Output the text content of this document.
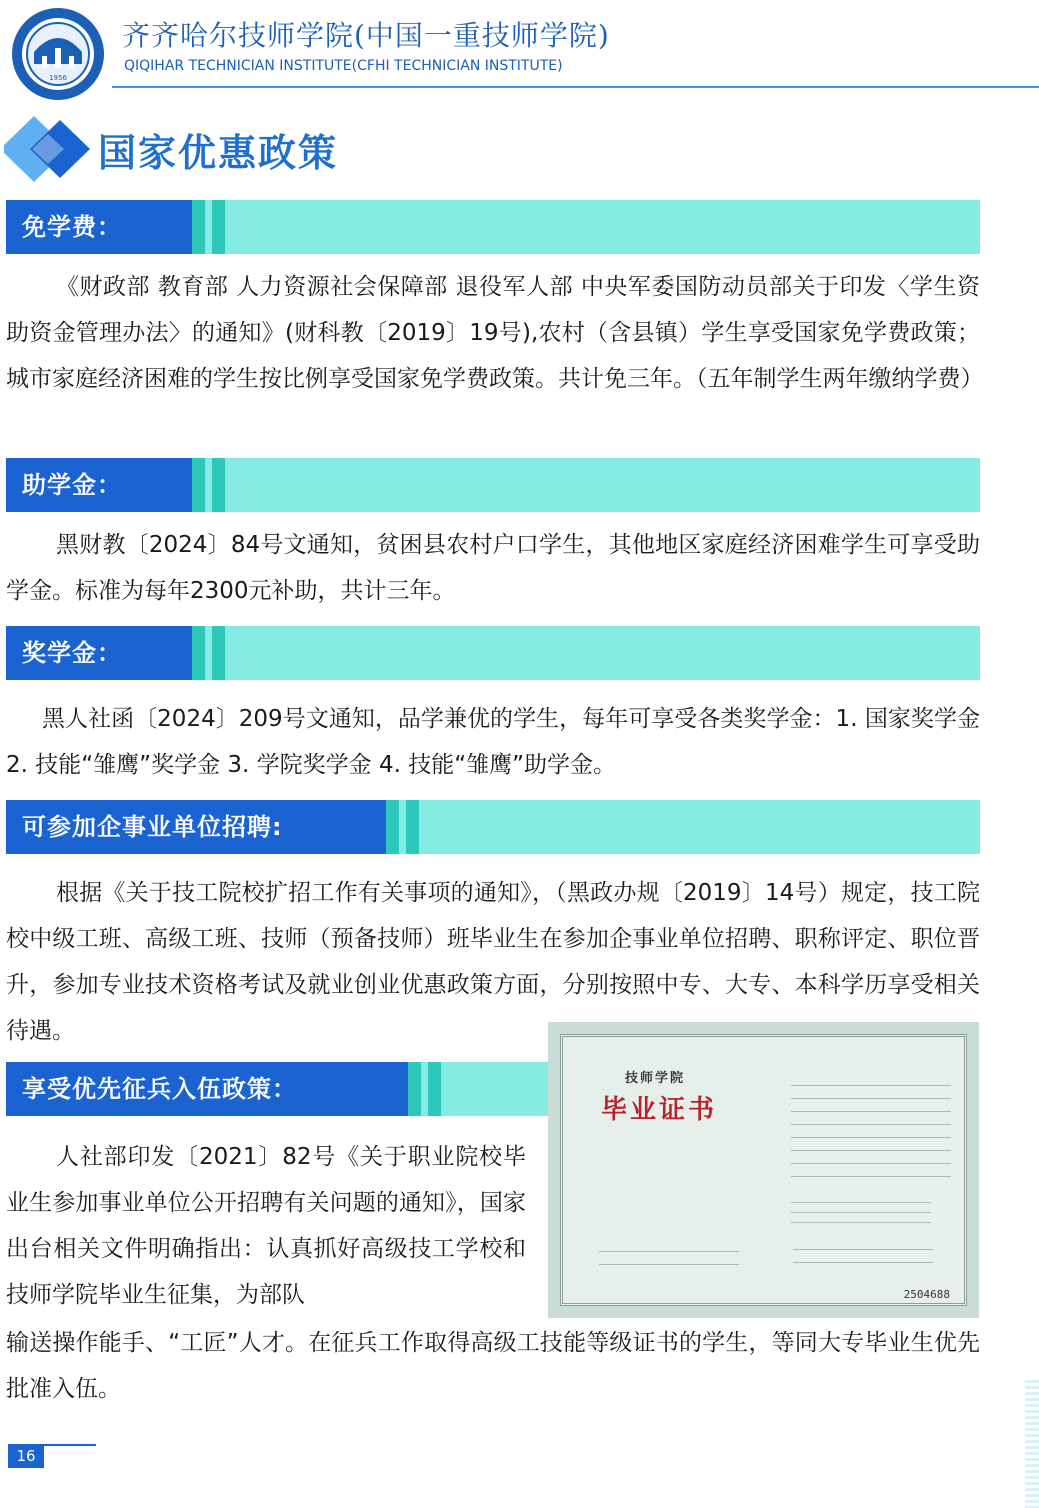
1956
齐齐哈尔技师学院(中国一重技师学院)
QIQIHAR TECHNICIAN INSTITUTE(CFHI TECHNICIAN INSTITUTE)
国家优惠政策
免学费：

《财政部 教育部 人力资源社会保障部 退役军人部 中央军委国防动员部关于印发〈学生资助资金管理办法〉的通知》(财科教〔2019〕19号),农村（含县镇）学生享受国家免学费政策；城市家庭经济困难的学生按比例享受国家免学费政策。共计免三年。（五年制学生两年缴纳学费）

助学金：

黑财教〔2024〕84号文通知，贫困县农村户口学生，其他地区家庭经济困难学生可享受助学金。标准为每年2300元补助，共计三年。

奖学金：

黑人社函〔2024〕209号文通知，品学兼优的学生，每年可享受各类奖学金：1. 国家奖学金 2. 技能“雏鹰”奖学金 3. 学院奖学金 4. 技能“雏鹰”助学金。

可参加企事业单位招聘:

根据《关于技工院校扩招工作有关事项的通知》，（黑政办规〔2019〕14号）规定，技工院校中级工班、高级工班、技师（预备技师）班毕业生在参加企事业单位招聘、职称评定、职位晋升，参加专业技术资格考试及就业创业优惠政策方面，分别按照中专、大专、本科学历享受相关待遇。

技师学院
毕业证书
2504688
享受优先征兵入伍政策：

人社部印发〔2021〕82号《关于职业院校毕业生参加事业单位公开招聘有关问题的通知》，国家出台相关文件明确指出：认真抓好高级技工学校和技师学院毕业生征集，为部队

输送操作能手、“工匠”人才。在征兵工作取得高级工技能等级证书的学生，等同大专毕业生优先批准入伍。

16
